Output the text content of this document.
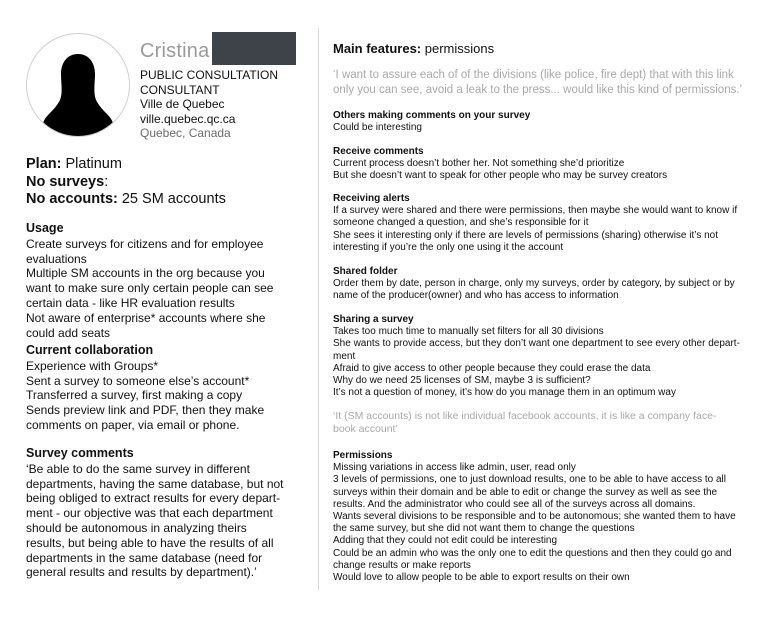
Cristina
PUBLIC CONSULTATION
CONSULTANT
Ville de Quebec
ville.quebec.qc.ca
Quebec, Canada
Plan: Platinum
No surveys:
No accounts: 25 SM accounts
Usage
Create surveys for citizens and for employee
evaluations
Multiple SM accounts in the org because you
want to make sure only certain people can see
certain data - like HR evaluation results
Not aware of enterprise* accounts where she
could add seats
Current collaboration
Experience with Groups*
Sent a survey to someone else’s account*
Transferred a survey, first making a copy
Sends preview link and PDF, then they make
comments on paper, via email or phone.
Survey comments
‘Be able to do the same survey in different
departments, having the same database, but not
being obliged to extract results for every depart-
ment - our objective was that each department
should be autonomous in analyzing theirs
results, but being able to have the results of all
departments in the same database (need for
general results and results by department).’
Main features: permissions
‘I want to assure each of of the divisions (like police, fire dept) that with this link
only you can see, avoid a leak to the press... would like this kind of permissions.’
Others making comments on your survey
Could be interesting
Receive comments
Current process doesn’t bother her. Not something she’d prioritize
But she doesn’t want to speak for other people who may be survey creators
Receiving alerts
If a survey were shared and there were permissions, then maybe she would want to know if
someone changed a question, and she’s responsible for it
She sees it interesting only if there are levels of permissions (sharing) otherwise it’s not
interesting if you’re the only one using it the account
Shared folder
Order them by date, person in charge, only my surveys, order by category, by subject or by
name of the producer(owner) and who has access to information
Sharing a survey
Takes too much time to manually set filters for all 30 divisions
She wants to provide access, but they don’t want one department to see every other depart-
ment
Afraid to give access to other people because they could erase the data
Why do we need 25 licenses of SM, maybe 3 is sufficient?
It’s not a question of money, it’s how do you manage them in an optimum way
‘It (SM accounts) is not like individual facebook accounts, it is like a company face-
book account’
Permissions
Missing variations in access like admin, user, read only
3 levels of permissions, one to just download results, one to be able to have access to all
surveys within their domain and be able to edit or change the survey as well as see the
results. And the administrator who could see all of the surveys across all domains.
Wants several divisions to be responsible and to be autonomous; she wanted them to have
the same survey, but she did not want them to change the questions
Adding that they could not edit could be interesting
Could be an admin who was the only one to edit the questions and then they could go and
change results or make reports
Would love to allow people to be able to export results on their own
